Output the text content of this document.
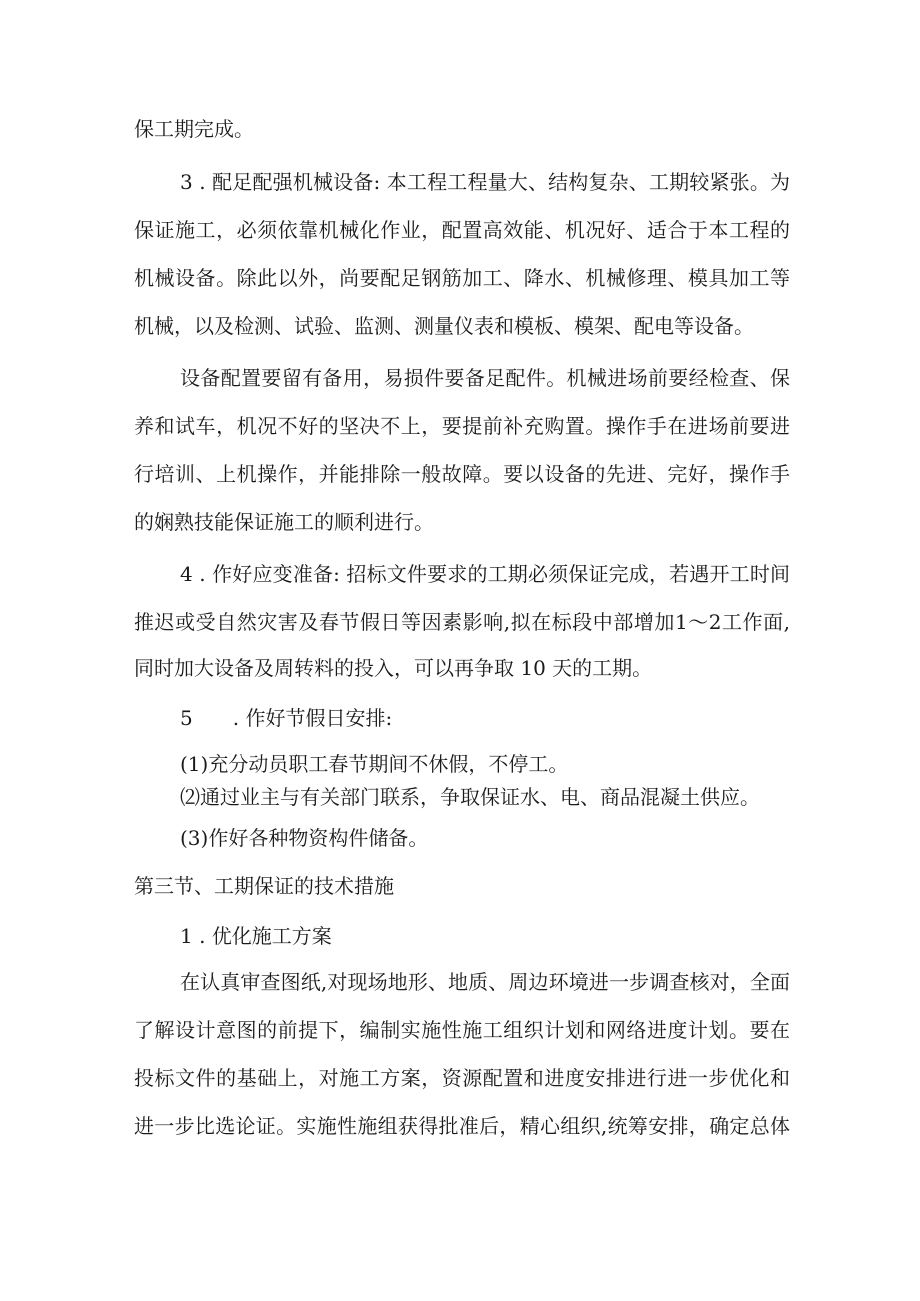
保工期完成。

3 . 配足配强机械设备: 本工程工程量大、结构复杂、工期较紧张。为

保证施工，必须依靠机械化作业，配置高效能、机况好、适合于本工程的

机械设备。除此以外，尚要配足钢筋加工、降水、机械修理、模具加工等

机械，以及检测、试验、监测、测量仪表和模板、模架、配电等设备。

设备配置要留有备用，易损件要备足配件。机械进场前要经检查、保

养和试车，机况不好的坚决不上，要提前补充购置。操作手在进场前要进

行培训、上机操作，并能排除一般故障。要以设备的先进、完好，操作手

的娴熟技能保证施工的顺利进行。

4 . 作好应变准备: 招标文件要求的工期必须保证完成，若遇开工时间

推迟或受自然灾害及春节假日等因素影响,拟在标段中部增加1～2工作面,

同时加大设备及周转料的投入，可以再争取 10 天的工期。

5　　. 作好节假日安排:

(1)充分动员职工春节期间不休假，不停工。

⑵通过业主与有关部门联系，争取保证水、电、商品混凝土供应。

(3)作好各种物资构件储备。

第三节、工期保证的技术措施

1 . 优化施工方案

在认真审查图纸,对现场地形、地质、周边环境进一步调查核对，全面

了解设计意图的前提下，编制实施性施工组织计划和网络进度计划。要在

投标文件的基础上，对施工方案，资源配置和进度安排进行进一步优化和

进一步比选论证。实施性施组获得批准后，精心组织,统筹安排，确定总体
